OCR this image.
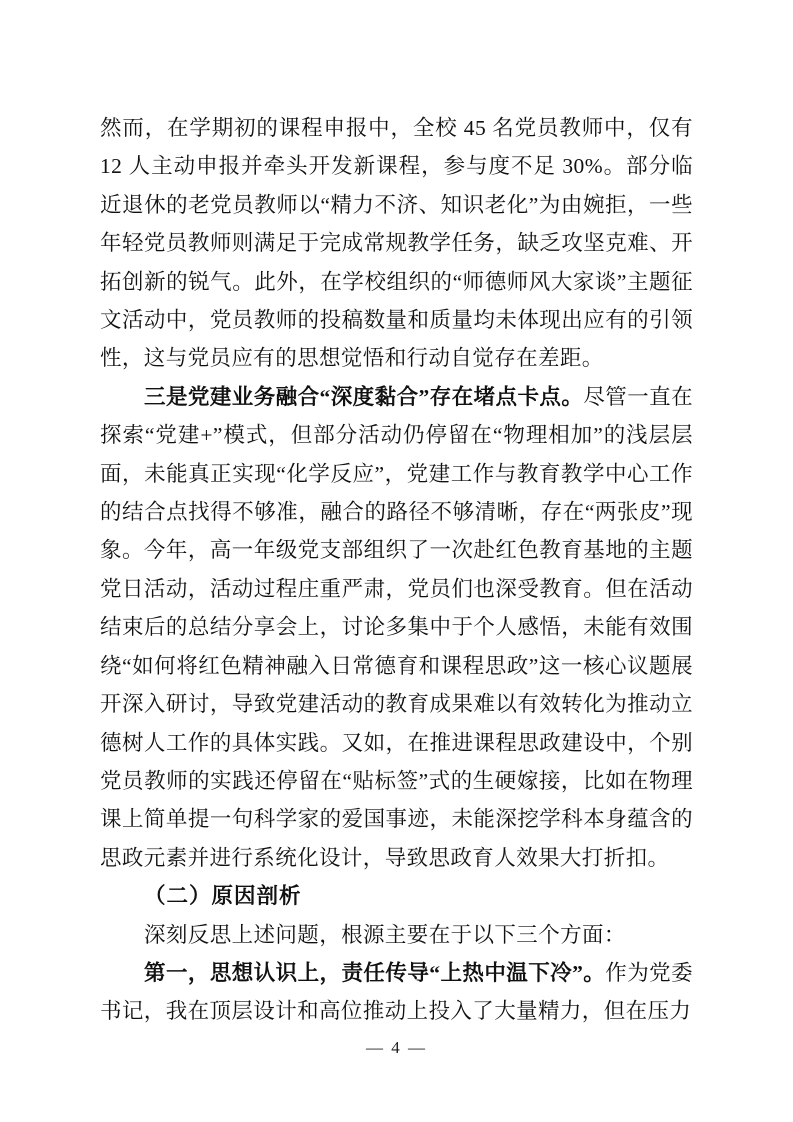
然而，在学期初的课程申报中，全校 45 名党员教师中，仅有 12 人主动申报并牵头开发新课程，参与度不足 30%。部分临近退休的老党员教师以“精力不济、知识老化”为由婉拒，一些年轻党员教师则满足于完成常规教学任务，缺乏攻坚克难、开拓创新的锐气。此外，在学校组织的“师德师风大家谈”主题征文活动中，党员教师的投稿数量和质量均未体现出应有的引领性，这与党员应有的思想觉悟和行动自觉存在差距。

三是党建业务融合“深度黏合”存在堵点卡点。尽管一直在探索“党建+”模式，但部分活动仍停留在“物理相加”的浅层层面，未能真正实现“化学反应”，党建工作与教育教学中心工作的结合点找得不够准，融合的路径不够清晰，存在“两张皮”现象。今年，高一年级党支部组织了一次赴红色教育基地的主题党日活动，活动过程庄重严肃，党员们也深受教育。但在活动结束后的总结分享会上，讨论多集中于个人感悟，未能有效围绕“如何将红色精神融入日常德育和课程思政”这一核心议题展开深入研讨，导致党建活动的教育成果难以有效转化为推动立德树人工作的具体实践。又如，在推进课程思政建设中，个别党员教师的实践还停留在“贴标签”式的生硬嫁接，比如在物理课上简单提一句科学家的爱国事迹，未能深挖学科本身蕴含的思政元素并进行系统化设计，导致思政育人效果大打折扣。

（二）原因剖析

深刻反思上述问题，根源主要在于以下三个方面：

第一，思想认识上，责任传导“上热中温下冷”。作为党委书记，我在顶层设计和高位推动上投入了大量精力，但在压力

— 4 —
